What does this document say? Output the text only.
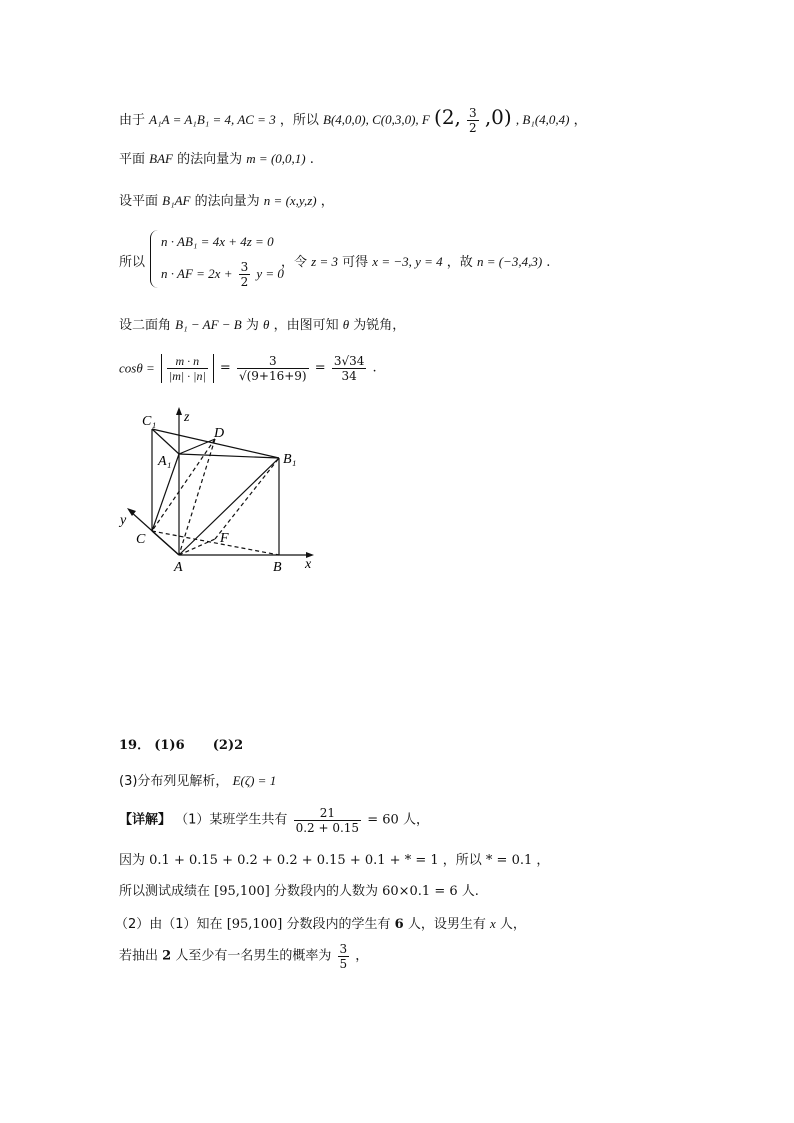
由于 A₁A = A₁B₁ = 4, AC = 3 ，所以 B(4,0,0), C(0,3,0), F (2, $\frac{3}{2} ,0$) , B₁(4,0,4) ，
平面 BAF 的法向量为 m = (0,0,1) .
设平面 B₁AF 的法向量为 n = (x,y,z) ，
所以
n · AB₁ = 4x + 4z = 0
n · AF = $2x + \frac{3}{2}$ y = 0
，令 z = 3 可得 x = −3, y = 4 ，故 n = (−3,4,3) .
设二面角 B₁ − AF − B 为 θ ，由图可知 θ 为锐角，
$\cos\theta = \frac{m \cdot n}{|m| \cdot |n|} = \frac{3}{√(9+16+9)} = \frac{3√34}{34}$ .
C₁ z
D
A₁	B₁
y
C	F
A	B x
19． (1)6 (2)2
(3)分布列见解析， E(ζ) = 1
【详解】 （1）某班学生共有 $\frac{21}{0.2 + 0.15} = 60$ 人，
因为 0.1 + 0.15 + 0.2 + 0.2 + 0.15 + 0.1 + * = 1 ，所以 * = 0.1 ，
所以测试成绩在 [95,100] 分数段内的人数为 60×0.1 = 6 人.
（2）由（1）知在 [95,100] 分数段内的学生有 6 人，设男生有 x 人，
若抽出 2 人至少有一名男生的概率为 $\frac{3}{5}$ ，
